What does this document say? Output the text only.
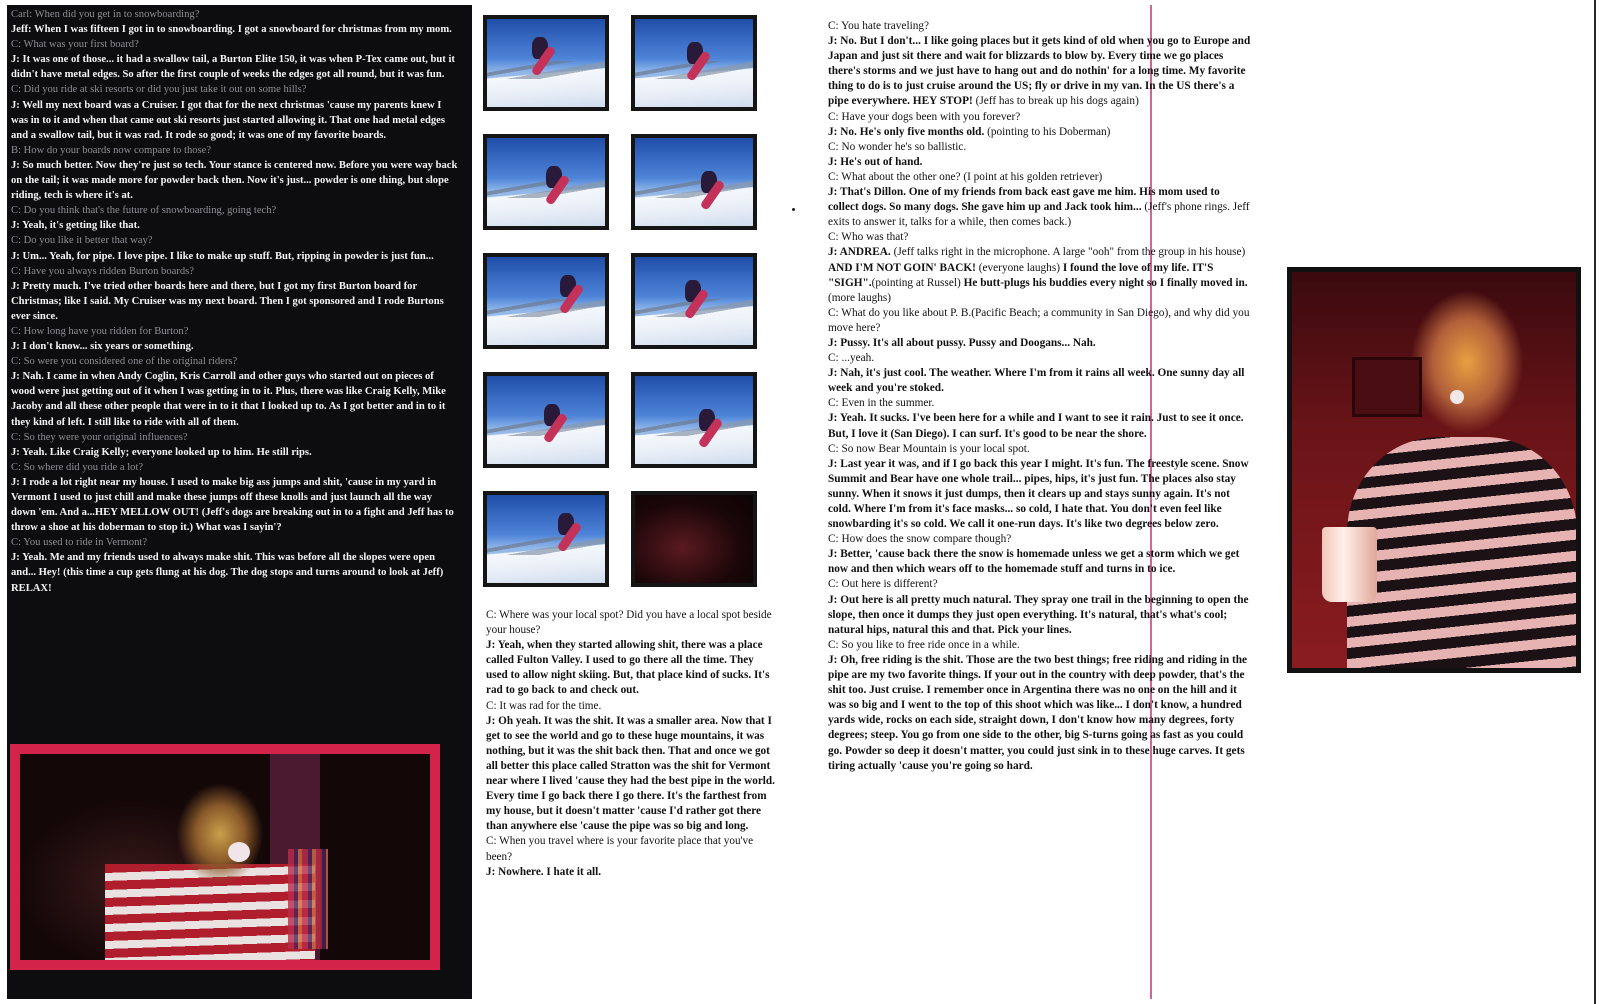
Carl: When did you get in to snowboarding?

Jeff: When I was fifteen I got in to snowboarding. I got a snowboard for christmas from my mom.

C: What was your first board?

J: It was one of those... it had a swallow tail, a Burton Elite 150, it was when P-Tex came out, but it didn't have metal edges. So after the first couple of weeks the edges got all round, but it was fun.

C: Did you ride at ski resorts or did you just take it out on some hills?

J: Well my next board was a Cruiser. I got that for the next christmas 'cause my parents knew I was in to it and when that came out ski resorts just started allowing it. That one had metal edges and a swallow tail, but it was rad. It rode so good; it was one of my favorite boards.

B: How do your boards now compare to those?

J: So much better. Now they're just so tech. Your stance is centered now. Before you were way back on the tail; it was made more for powder back then. Now it's just... powder is one thing, but slope riding, tech is where it's at.

C: Do you think that's the future of snowboarding, going tech?

J: Yeah, it's getting like that.

C: Do you like it better that way?

J: Um... Yeah, for pipe. I love pipe. I like to make up stuff. But, ripping in powder is just fun...

C: Have you always ridden Burton boards?

J: Pretty much. I've tried other boards here and there, but I got my first Burton board for Christmas; like I said. My Cruiser was my next board. Then I got sponsored and I rode Burtons ever since.

C: How long have you ridden for Burton?

J: I don't know... six years or something.

C: So were you considered one of the original riders?

J: Nah. I came in when Andy Coglin, Kris Carroll and other guys who started out on pieces of wood were just getting out of it when I was getting in to it. Plus, there was like Craig Kelly, Mike Jacoby and all these other people that were in to it that I looked up to. As I got better and in to it they kind of left. I still like to ride with all of them.

C: So they were your original influences?

J: Yeah. Like Craig Kelly; everyone looked up to him. He still rips.

C: So where did you ride a lot?

J: I rode a lot right near my house. I used to make big ass jumps and shit, 'cause in my yard in Vermont I used to just chill and make these jumps off these knolls and just launch all the way down 'em. And a...HEY MELLOW OUT! (Jeff's dogs are breaking out in to a fight and Jeff has to throw a shoe at his doberman to stop it.) What was I sayin'?

C: You used to ride in Vermont?

J: Yeah. Me and my friends used to always make shit. This was before all the slopes were open and... Hey! (this time a cup gets flung at his dog. The dog stops and turns around to look at Jeff) RELAX!

C: Where was your local spot? Did you have a local spot beside your house?

J: Yeah, when they started allowing shit, there was a place called Fulton Valley. I used to go there all the time. They used to allow night skiing. But, that place kind of sucks. It's rad to go back to and check out.

C: It was rad for the time.

J: Oh yeah. It was the shit. It was a smaller area. Now that I get to see the world and go to these huge mountains, it was nothing, but it was the shit back then. That and once we got all better this place called Stratton was the shit for Vermont near where I lived 'cause they had the best pipe in the world. Every time I go back there I go there. It's the farthest from my house, but it doesn't matter 'cause I'd rather got there than anywhere else 'cause the pipe was so big and long.

C: When you travel where is your favorite place that you've been?

J: Nowhere. I hate it all.

C: You hate traveling?

J: No. But I don't... I like going places but it gets kind of old when you go to Europe and Japan and just sit there and wait for blizzards to blow by. Every time we go places there's storms and we just have to hang out and do nothin' for a long time. My favorite thing to do is to just cruise around the US; fly or drive in my van. In the US there's a pipe everywhere. HEY STOP! (Jeff has to break up his dogs again)

C: Have your dogs been with you forever?

J: No. He's only five months old. (pointing to his Doberman)

C: No wonder he's so ballistic.

J: He's out of hand.

C: What about the other one? (I point at his golden retriever)

J: That's Dillon. One of my friends from back east gave me him. His mom used to collect dogs. So many dogs. She gave him up and Jack took him... (Jeff's phone rings. Jeff exits to answer it, talks for a while, then comes back.)

C: Who was that?

J: ANDREA. (Jeff talks right in the microphone. A large "ooh" from the group in his house) AND I'M NOT GOIN' BACK! (everyone laughs) I found the love of my life. IT'S "SIGH".(pointing at Russel) He butt-plugs his buddies every night so I finally moved in.

(more laughs)

C: What do you like about P. B.(Pacific Beach; a community in San Diego), and why did you move here?

J: Pussy. It's all about pussy. Pussy and Doogans... Nah.

C: ...yeah.

J: Nah, it's just cool. The weather. Where I'm from it rains all week. One sunny day all week and you're stoked.

C: Even in the summer.

J: Yeah. It sucks. I've been here for a while and I want to see it rain. Just to see it once. But, I love it (San Diego). I can surf. It's good to be near the shore.

C: So now Bear Mountain is your local spot.

J: Last year it was, and if I go back this year I might. It's fun. The freestyle scene. Snow Summit and Bear have one whole trail... pipes, hips, it's just fun. The places also stay sunny. When it snows it just dumps, then it clears up and stays sunny again. It's not cold. Where I'm from it's face masks... so cold, I hate that. You don't even feel like snowbarding it's so cold. We call it one-run days. It's like two degrees below zero.

C: How does the snow compare though?

J: Better, 'cause back there the snow is homemade unless we get a storm which we get now and then which wears off to the homemade stuff and turns in to ice.

C: Out here is different?

J: Out here is all pretty much natural. They spray one trail in the beginning to open the slope, then once it dumps they just open everything. It's natural, that's what's cool; natural hips, natural this and that. Pick your lines.

C: So you like to free ride once in a while.

J: Oh, free riding is the shit. Those are the two best things; free riding and riding in the pipe are my two favorite things. If your out in the country with deep powder, that's the shit too. Just cruise. I remember once in Argentina there was no one on the hill and it was so big and I went to the top of this shoot which was like... I don't know, a hundred yards wide, rocks on each side, straight down, I don't know how many degrees, forty degrees; steep. You go from one side to the other, big S-turns going as fast as you could go. Powder so deep it doesn't matter, you could just sink in to these huge carves. It gets tiring actually 'cause you're going so hard.
